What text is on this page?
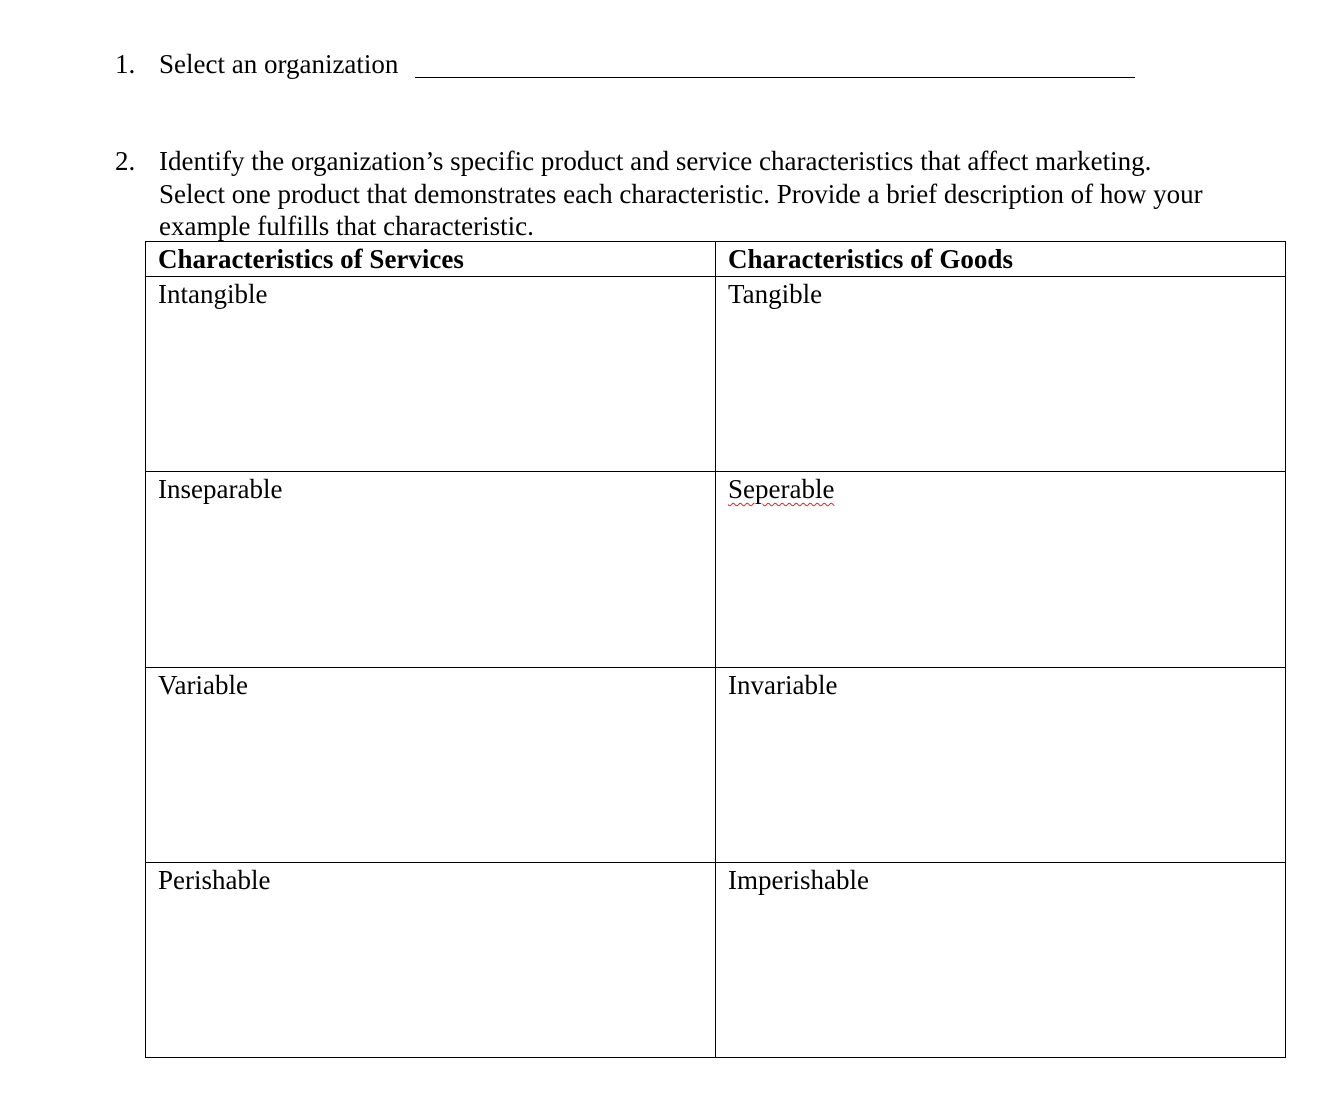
1. Select an organization
2. Identify the organization’s specific product and service characteristics that affect marketing.
Select one product that demonstrates each characteristic. Provide a brief description of how your
example fulfills that characteristic.
Characteristics of Services	Characteristics of Goods
Intangible	Tangible
Inseparable	Seperable
Variable	Invariable
Perishable	Imperishable
